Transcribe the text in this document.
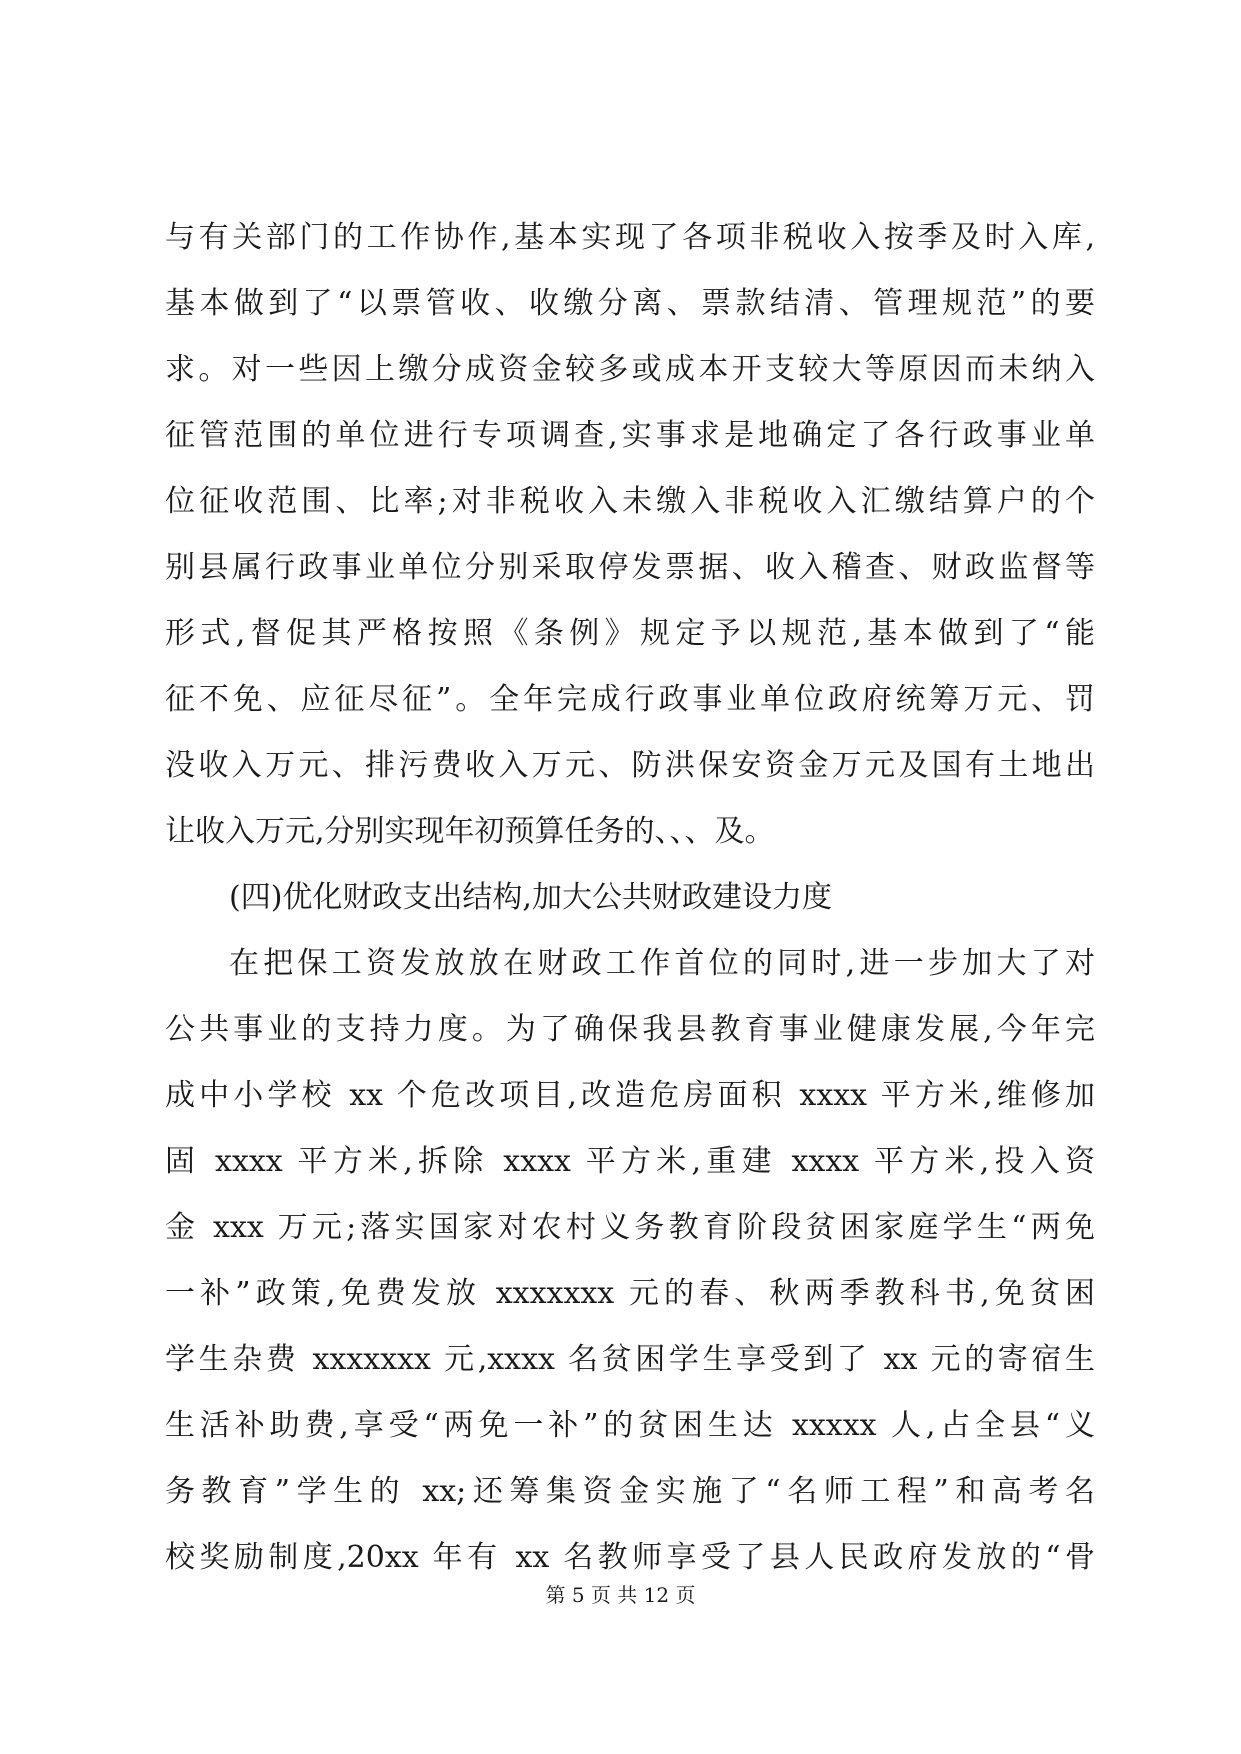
与有关部门的工作协作,基本实现了各项非税收入按季及时入库,
基本做到了“以票管收、收缴分离、票款结清、管理规范”的要
求。对一些因上缴分成资金较多或成本开支较大等原因而未纳入
征管范围的单位进行专项调查,实事求是地确定了各行政事业单
位征收范围、比率;对非税收入未缴入非税收入汇缴结算户的个
别县属行政事业单位分别采取停发票据、收入稽查、财政监督等
形式,督促其严格按照《条例》规定予以规范,基本做到了“能
征不免、应征尽征”。全年完成行政事业单位政府统筹万元、罚
没收入万元、排污费收入万元、防洪保安资金万元及国有土地出
让收入万元,分别实现年初预算任务的、、、及。
(四)优化财政支出结构,加大公共财政建设力度
在把保工资发放放在财政工作首位的同时,进一步加大了对
公共事业的支持力度。为了确保我县教育事业健康发展,今年完
成中小学校 xx 个危改项目,改造危房面积 xxxx 平方米,维修加
固 xxxx 平方米,拆除 xxxx 平方米,重建 xxxx 平方米,投入资
金 xxx 万元;落实国家对农村义务教育阶段贫困家庭学生“两免
一补”政策,免费发放 xxxxxxx 元的春、秋两季教科书,免贫困
学生杂费 xxxxxxx 元,xxxx 名贫困学生享受到了 xx 元的寄宿生
生活补助费,享受“两免一补”的贫困生达 xxxxx 人,占全县“义
务教育”学生的 xx;还筹集资金实施了“名师工程”和高考名
校奖励制度,20xx 年有 xx 名教师享受了县人民政府发放的“骨
第 5 页 共 12 页
